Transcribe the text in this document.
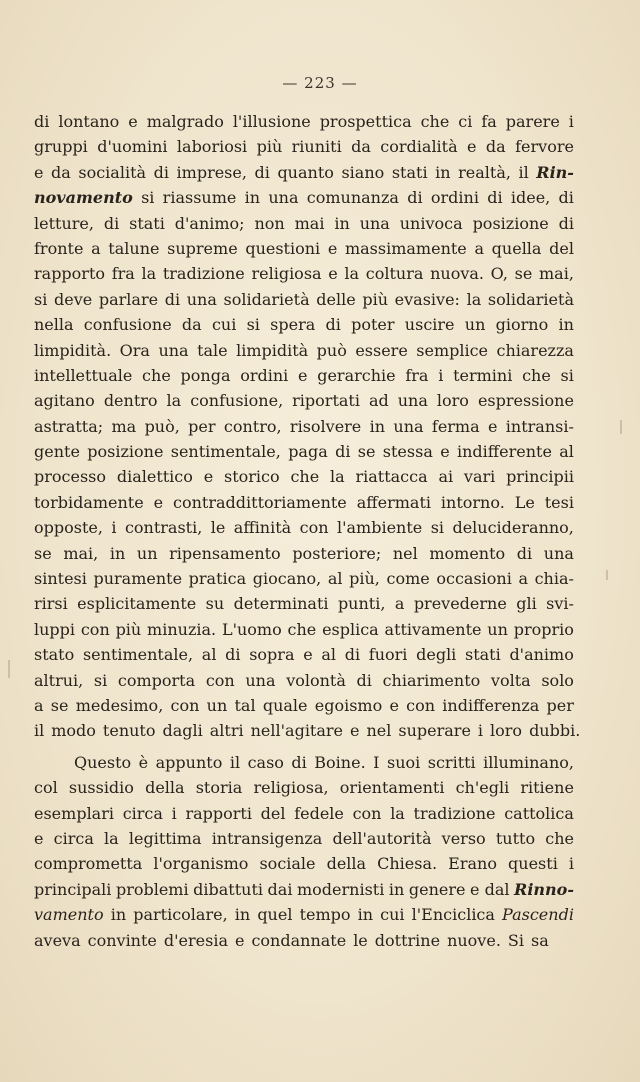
— 223 —
di lontano e malgrado l'illusione prospettica che ci fa parere i
gruppi d'uomini laboriosi più riuniti da cordialità e da fervore
e da socialità di imprese, di quanto siano stati in realtà, il Rin-
novamento si riassume in una comunanza di ordini di idee, di
letture, di stati d'animo; non mai in una univoca posizione di
fronte a talune supreme questioni e massimamente a quella del
rapporto fra la tradizione religiosa e la coltura nuova. O, se mai,
si deve parlare di una solidarietà delle più evasive: la solidarietà
nella confusione da cui si spera di poter uscire un giorno in
limpidità. Ora una tale limpidità può essere semplice chiarezza
intellettuale che ponga ordini e gerarchie fra i termini che si
agitano dentro la confusione, riportati ad una loro espressione
astratta; ma può, per contro, risolvere in una ferma e intransi-
gente posizione sentimentale, paga di se stessa e indifferente al
processo dialettico e storico che la riattacca ai vari principii
torbidamente e contraddittoriamente affermati intorno. Le tesi
opposte, i contrasti, le affinità con l'ambiente si delucideranno,
se mai, in un ripensamento posteriore; nel momento di una
sintesi puramente pratica giocano, al più, come occasioni a chia-
rirsi esplicitamente su determinati punti, a prevederne gli svi-
luppi con più minuzia. L'uomo che esplica attivamente un proprio
stato sentimentale, al di sopra e al di fuori degli stati d'animo
altrui, si comporta con una volontà di chiarimento volta solo
a se medesimo, con un tal quale egoismo e con indifferenza per
il modo tenuto dagli altri nell'agitare e nel superare i loro dubbi.
Questo è appunto il caso di Boine. I suoi scritti illuminano,
col sussidio della storia religiosa, orientamenti ch'egli ritiene
esemplari circa i rapporti del fedele con la tradizione cattolica
e circa la legittima intransigenza dell'autorità verso tutto che
comprometta l'organismo sociale della Chiesa. Erano questi i
principali problemi dibattuti dai modernisti in genere e dal Rinno-
vamento in particolare, in quel tempo in cui l'Enciclica Pascendi
aveva convinte d'eresia e condannate le dottrine nuove. Si sa
